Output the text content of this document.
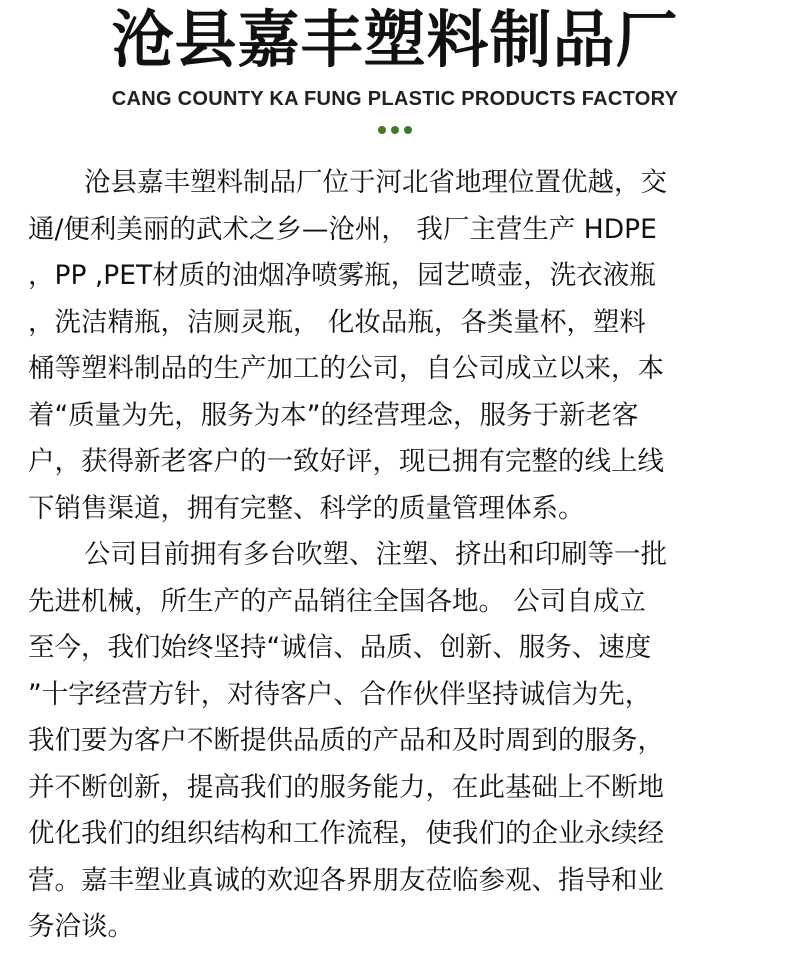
沧县嘉丰塑料制品厂
CANG COUNTY KA FUNG PLASTIC PRODUCTS FACTORY
沧县嘉丰塑料制品厂位于河北省地理位置优越，交
通/便利美丽的武术之乡—沧州， 我厂主营生产 HDPE
，PP ,PET材质的油烟净喷雾瓶，园艺喷壶，洗衣液瓶
，洗洁精瓶，洁厕灵瓶， 化妆品瓶，各类量杯，塑料
桶等塑料制品的生产加工的公司，自公司成立以来，本
着“质量为先，服务为本”的经营理念，服务于新老客
户，获得新老客户的一致好评，现已拥有完整的线上线
下销售渠道，拥有完整、科学的质量管理体系。
公司目前拥有多台吹塑、注塑、挤出和印刷等一批
先进机械，所生产的产品销往全国各地。 公司自成立
至今，我们始终坚持“诚信、品质、创新、服务、速度
”十字经营方针，对待客户、合作伙伴坚持诚信为先，
我们要为客户不断提供品质的产品和及时周到的服务，
并不断创新，提高我们的服务能力，在此基础上不断地
优化我们的组织结构和工作流程，使我们的企业永续经
营。嘉丰塑业真诚的欢迎各界朋友莅临参观、指导和业
务洽谈。
